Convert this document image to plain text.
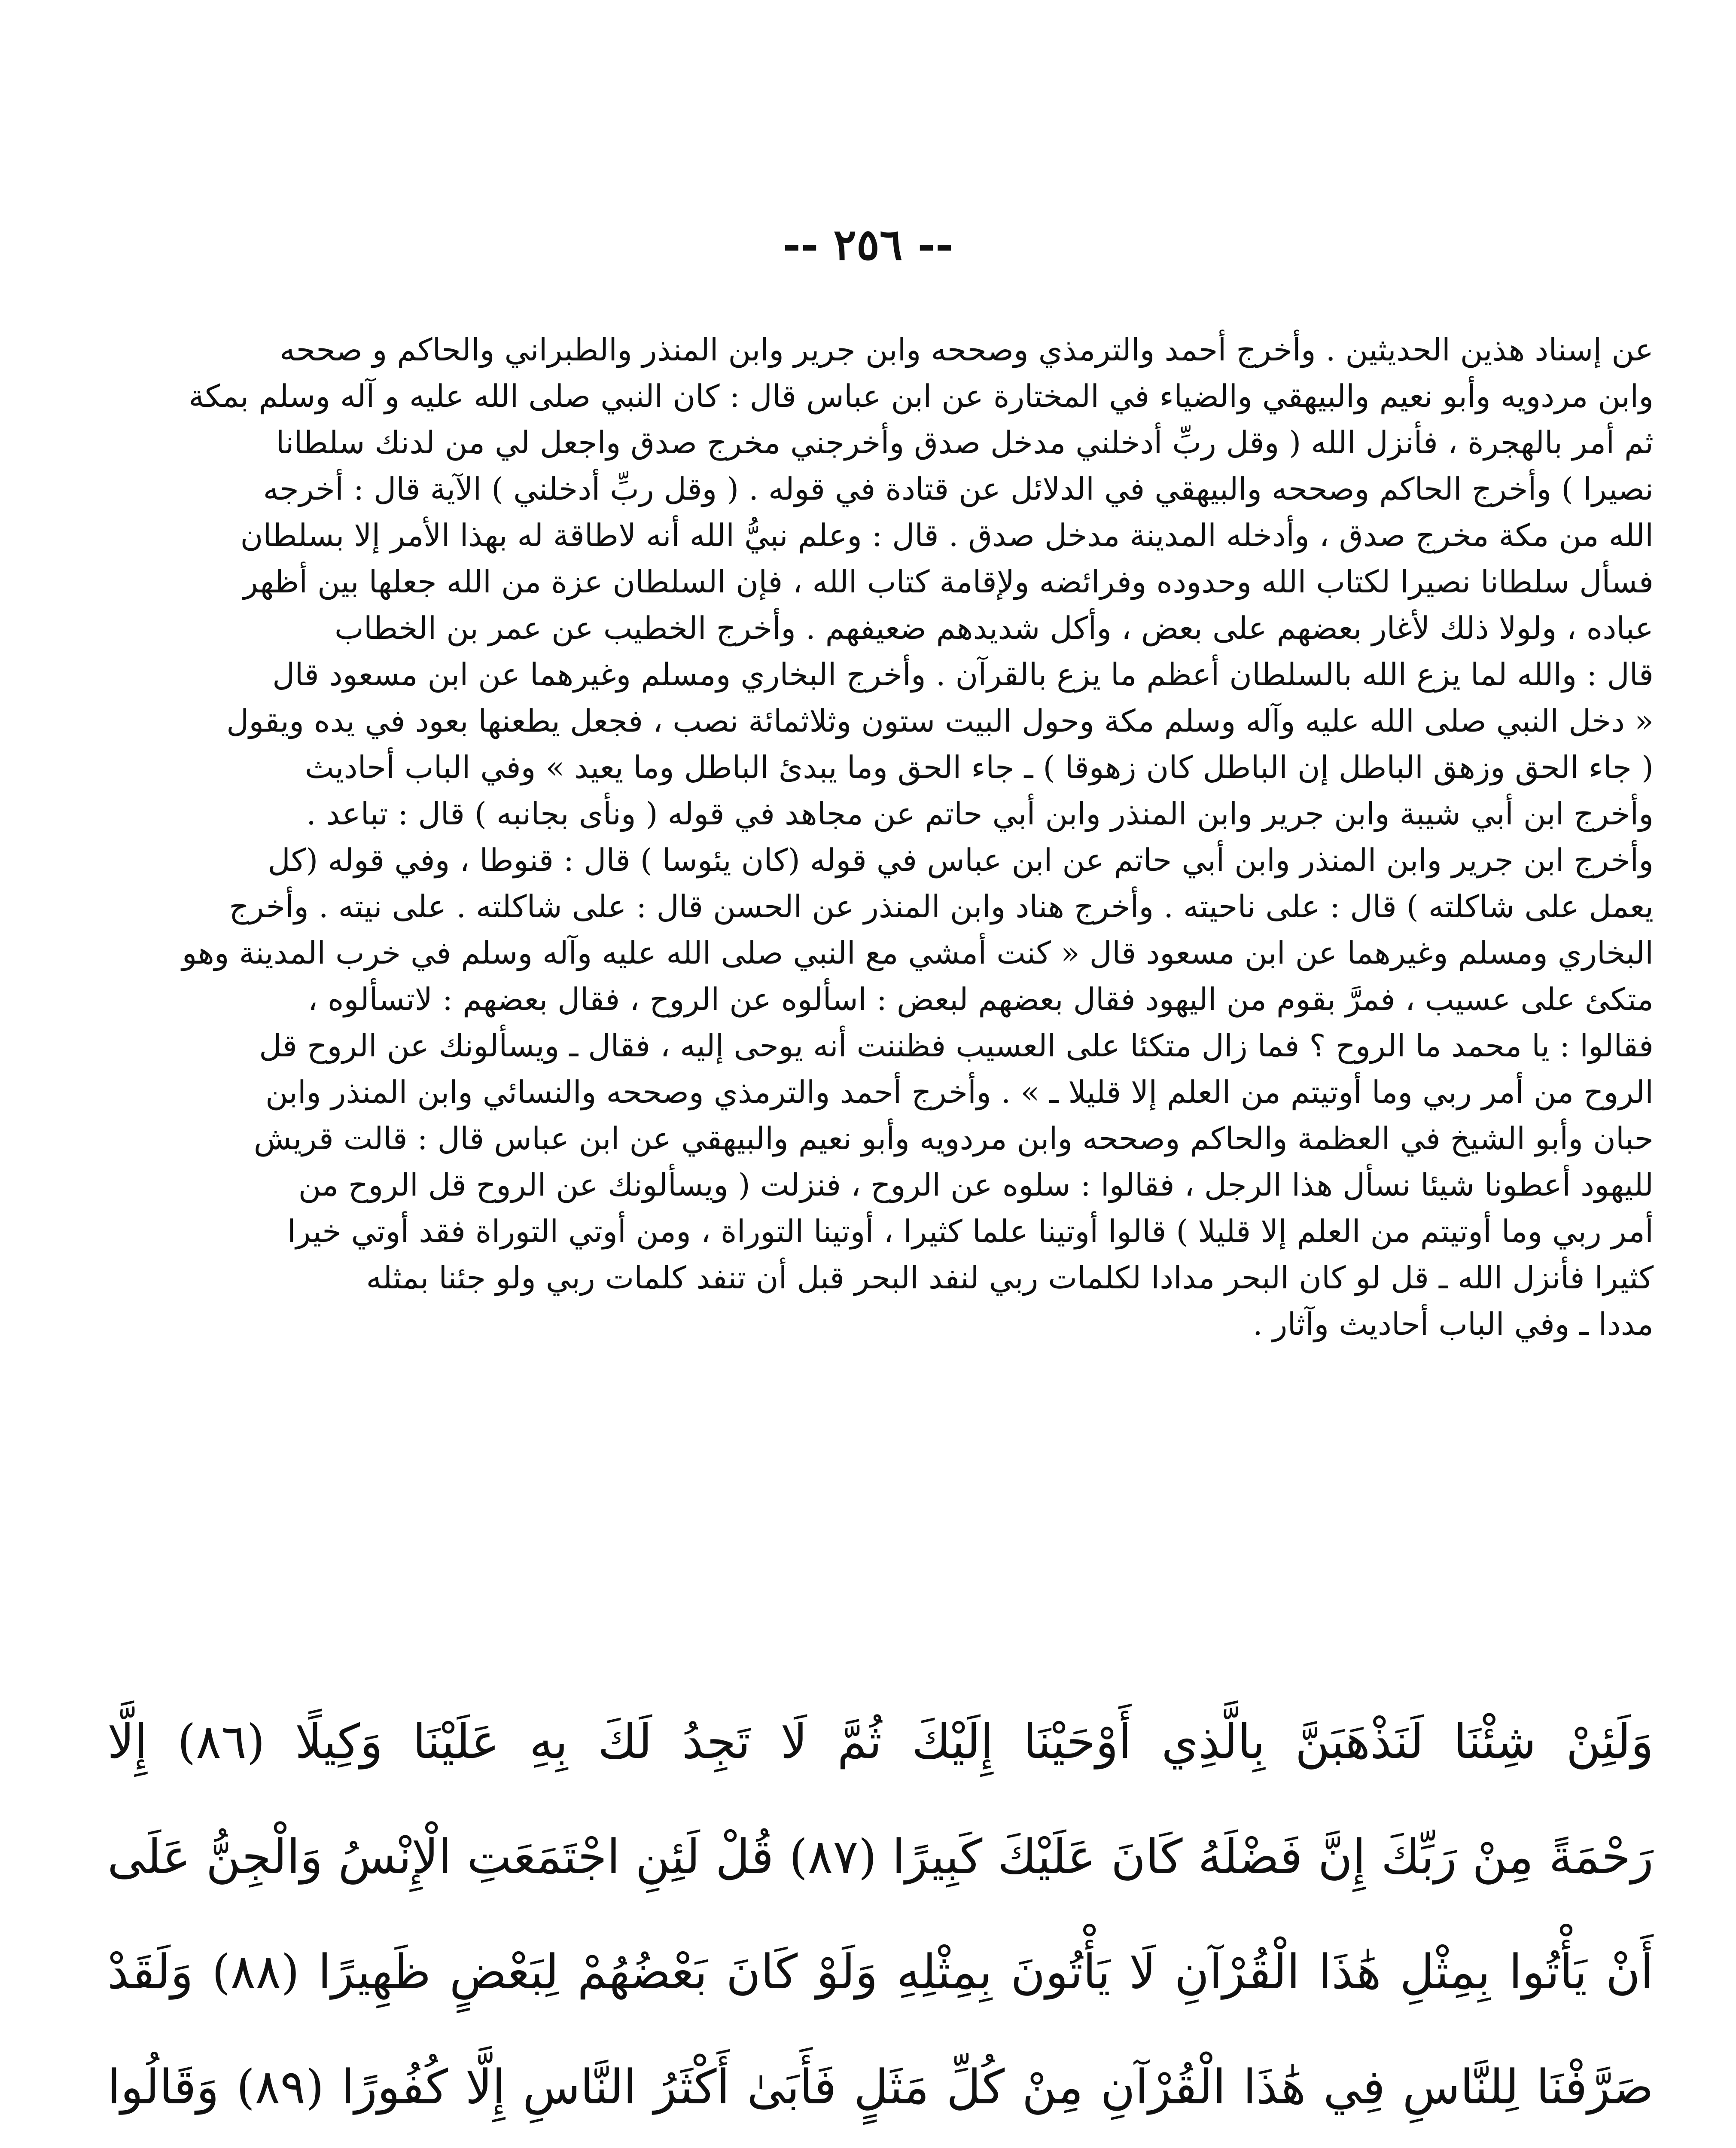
-- ٢٥٦ --

عن إسناد هذين الحديثين . وأخرج أحمد والترمذي وصححه وابن جرير وابن المنذر والطبراني والحاكم و صححه

وابن مردويه وأبو نعيم والبيهقي والضياء في المختارة عن ابن عباس قال : كان النبي صلى الله عليه و آله وسلم بمكة

ثم أمر بالهجرة ، فأنزل الله ( وقل ربِّ أدخلني مدخل صدق وأخرجني مخرج صدق واجعل لي من لدنك سلطانا

نصيرا ) وأخرج الحاكم وصححه والبيهقي في الدلائل عن قتادة في قوله . ( وقل ربِّ أدخلني ) الآية قال : أخرجه

الله من مكة مخرج صدق ، وأدخله المدينة مدخل صدق . قال : وعلم نبيُّ الله أنه لاطاقة له بهذا الأمر إلا بسلطان

فسأل سلطانا نصيرا لكتاب الله وحدوده وفرائضه ولإقامة كتاب الله ، فإن السلطان عزة من الله جعلها بين أظهر

عباده ، ولولا ذلك لأغار بعضهم على بعض ، وأكل شديدهم ضعيفهم . وأخرج الخطيب عن عمر بن الخطاب

قال : والله لما يزع الله بالسلطان أعظم ما يزع بالقرآن . وأخرج البخاري ومسلم وغيرهما عن ابن مسعود قال

« دخل النبي صلى الله عليه وآله وسلم مكة وحول البيت ستون وثلاثمائة نصب ، فجعل يطعنها بعود في يده ويقول

( جاء الحق وزهق الباطل إن الباطل كان زهوقا ) ـ جاء الحق وما يبدئ الباطل وما يعيد » وفي الباب أحاديث

وأخرج ابن أبي شيبة وابن جرير وابن المنذر وابن أبي حاتم عن مجاهد في قوله ( ونأى بجانبه ) قال : تباعد .

وأخرج ابن جرير وابن المنذر وابن أبي حاتم عن ابن عباس في قوله (كان يئوسا ) قال : قنوطا ، وفي قوله (كل

يعمل على شاكلته ) قال : على ناحيته . وأخرج هناد وابن المنذر عن الحسن قال : على شاكلته . على نيته . وأخرج

البخاري ومسلم وغيرهما عن ابن مسعود قال « كنت أمشي مع النبي صلى الله عليه وآله وسلم في خرب المدينة وهو

متكئ على عسيب ، فمرَّ بقوم من اليهود فقال بعضهم لبعض : اسألوه عن الروح ، فقال بعضهم : لاتسألوه ،

فقالوا : يا محمد ما الروح ؟ فما زال متكئا على العسيب فظننت أنه يوحى إليه ، فقال ـ ويسألونك عن الروح قل

الروح من أمر ربي وما أوتيتم من العلم إلا قليلا ـ » . وأخرج أحمد والترمذي وصححه والنسائي وابن المنذر وابن

حبان وأبو الشيخ في العظمة والحاكم وصححه وابن مردويه وأبو نعيم والبيهقي عن ابن عباس قال : قالت قريش

لليهود أعطونا شيئا نسأل هذا الرجل ، فقالوا : سلوه عن الروح ، فنزلت ( ويسألونك عن الروح قل الروح من

أمر ربي وما أوتيتم من العلم إلا قليلا ) قالوا أوتينا علما كثيرا ، أوتينا التوراة ، ومن أوتي التوراة فقد أوتي خيرا

كثيرا فأنزل الله ـ قل لو كان البحر مدادا لكلمات ربي لنفد البحر قبل أن تنفد كلمات ربي ولو جئنا بمثله

مددا ـ وفي الباب أحاديث وآثار .

وَلَئِنْ شِئْنَا لَنَذْهَبَنَّ بِالَّذِي أَوْحَيْنَا إِلَيْكَ ثُمَّ لَا تَجِدُ لَكَ بِهِ عَلَيْنَا وَكِيلًا (٨٦) إِلَّا

رَحْمَةً مِنْ رَبِّكَ إِنَّ فَضْلَهُ كَانَ عَلَيْكَ كَبِيرًا (٨٧) قُلْ لَئِنِ اجْتَمَعَتِ الْإِنْسُ وَالْجِنُّ عَلَى

أَنْ يَأْتُوا بِمِثْلِ هَٰذَا الْقُرْآنِ لَا يَأْتُونَ بِمِثْلِهِ وَلَوْ كَانَ بَعْضُهُمْ لِبَعْضٍ ظَهِيرًا (٨٨) وَلَقَدْ

صَرَّفْنَا لِلنَّاسِ فِي هَٰذَا الْقُرْآنِ مِنْ كُلِّ مَثَلٍ فَأَبَىٰ أَكْثَرُ النَّاسِ إِلَّا كُفُورًا (٨٩) وَقَالُوا
